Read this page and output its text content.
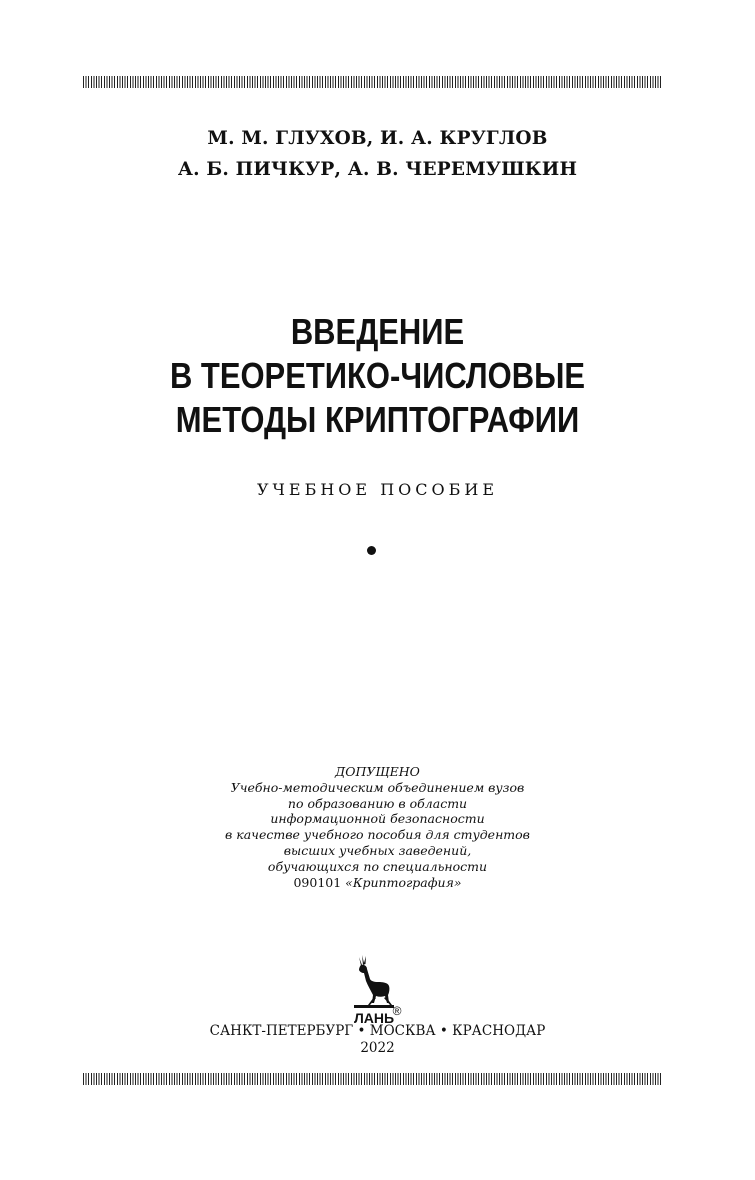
М. М. ГЛУХОВ, И. А. КРУГЛОВ
А. Б. ПИЧКУР, А. В. ЧЕРЕМУШКИН
ВВЕДЕНИЕ
В ТЕОРЕТИКО-ЧИСЛОВЫЕ
МЕТОДЫ КРИПТОГРАФИИ
УЧЕБНОЕ ПОСОБИЕ
ДОПУЩЕНО
Учебно-методическим объединением вузов
по образованию в области
информационной безопасности
в качестве учебного пособия для студентов
высших учебных заведений,
обучающихся по специальности
090101 «Криптография»
ЛАНЬ
®
САНКТ-ПЕТЕРБУРГ • МОСКВА • КРАСНОДАР
2022
